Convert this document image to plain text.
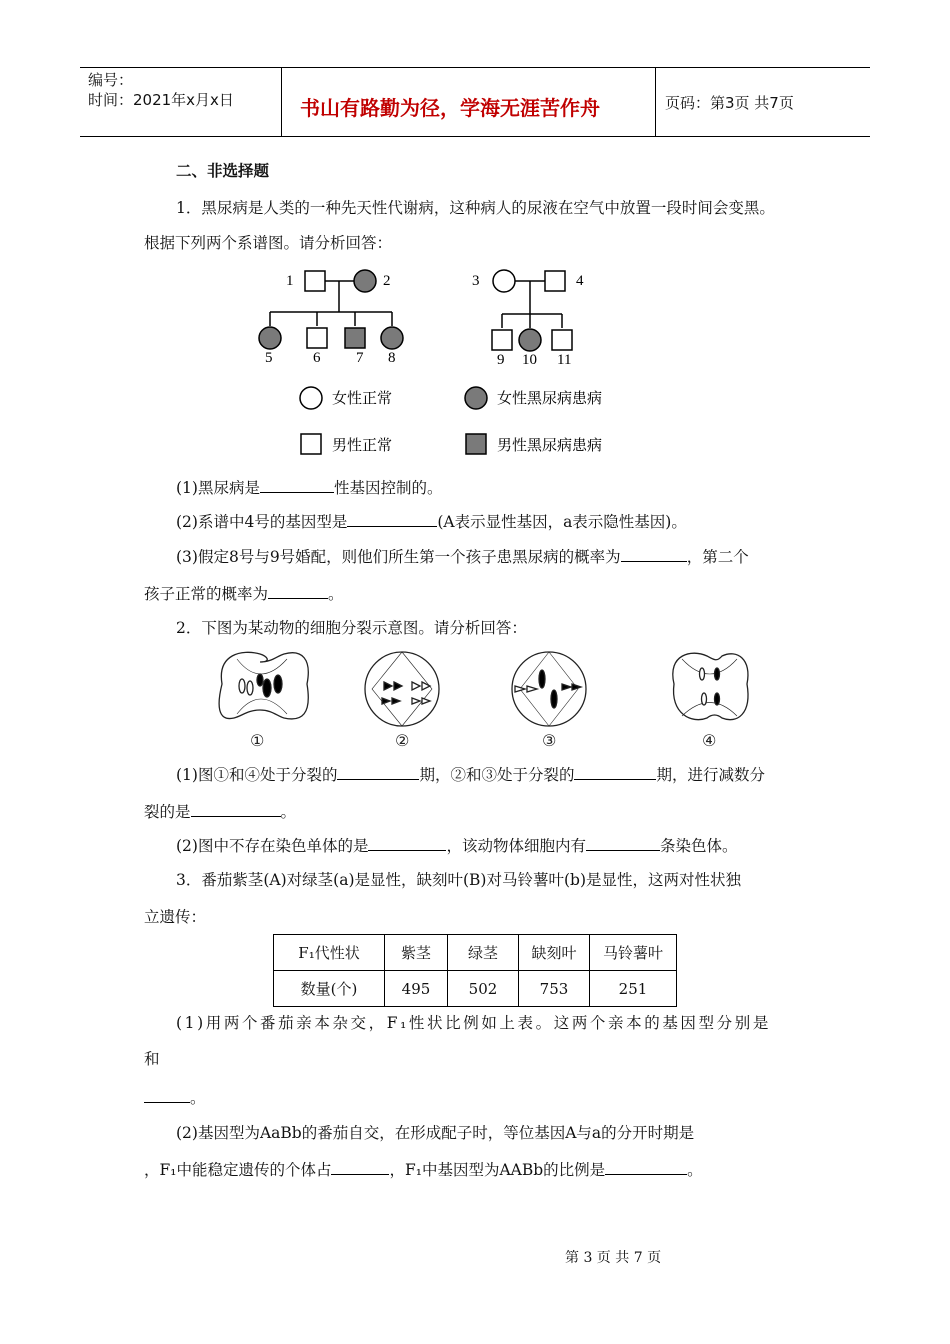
编号：
时间：2021年x月x日	书山有路勤为径，学海无涯苦作舟	页码：第3页 共7页
二、非选择题
1．黑尿病是人类的一种先天性代谢病，这种病人的尿液在空气中放置一段时间会变黑。
根据下列两个系谱图。请分析回答：
1	2	3	4
5	6 7 8	9 10 11
女性正常	女性黑尿病患病
男性正常	男性黑尿病患病
(1)黑尿病是	性基因控制的。
(2)系谱中4号的基因型是	(A表示显性基因，a表示隐性基因)。
(3)假定8号与9号婚配，则他们所生第一个孩子患黑尿病的概率为	，第二个
孩子正常的概率为	。
2．下图为某动物的细胞分裂示意图。请分析回答：
①	②	③	④
(1)图①和④处于分裂的	期，②和③处于分裂的	期，进行减数分
裂的是	。
(2)图中不存在染色单体的是	，该动物体细胞内有	条染色体。
3．番茄紫茎(A)对绿茎(a)是显性，缺刻叶(B)对马铃薯叶(b)是显性，这两对性状独
立遗传：
F₁代性状	紫茎	绿茎	缺刻叶	马铃薯叶
数量(个)	495	502	753	251
(1)用两个番茄亲本杂交，F₁性状比例如上表。这两个亲本的基因型分别是
和
。
(2)基因型为AaBb的番茄自交，在形成配子时，等位基因A与a的分开时期是
，F₁中能稳定遗传的个体占	，F₁中基因型为AABb的比例是	。
第 3 页 共 7 页
